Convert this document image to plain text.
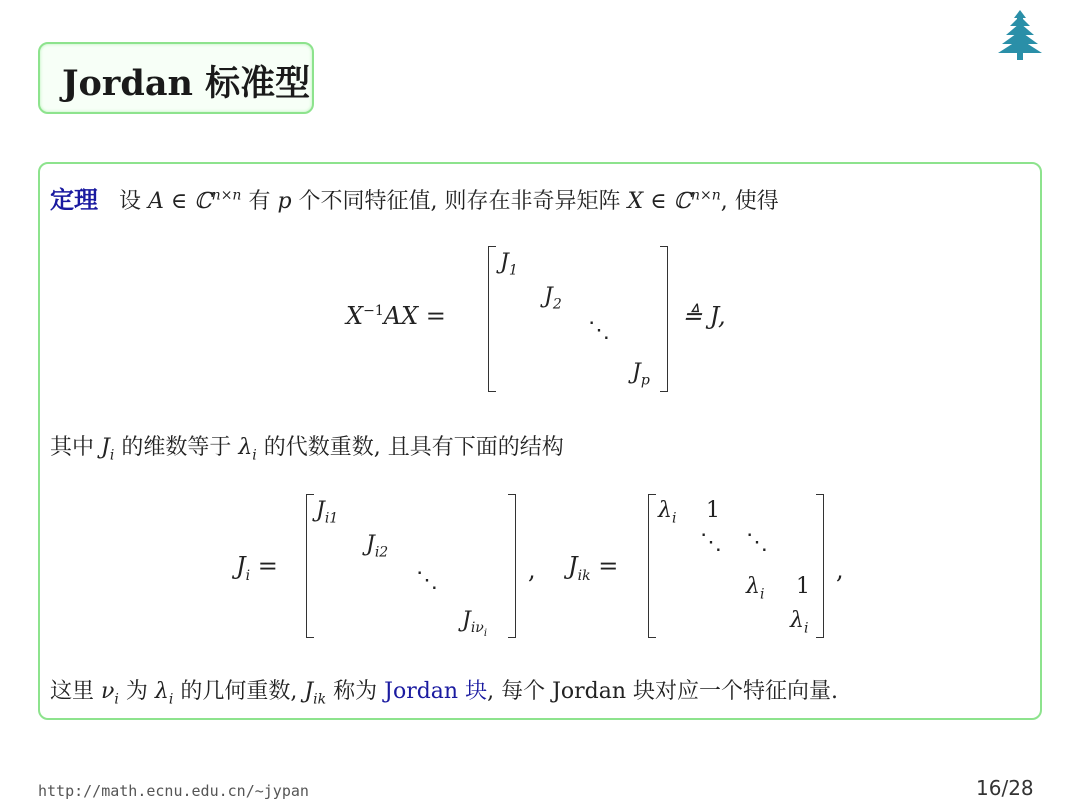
Jordan 标准型
定理 设 A ∈ ℂ$^{n\times n}$ 有 p 个不同特征值, 则存在非奇异矩阵 X ∈ ℂ$^{n\times n}$, 使得
$X^{-1}AX$ =
$J_1$
$J_2$
⋱
$J_p$
≜ J,
其中 $J_i$ 的维数等于 $\lambda_i$ 的代数重数, 且具有下面的结构
$J_i$ =
$J_{i1}$
$J_{i2}$
⋱
$J_{i\nu_i}$
, $J_{ik}$ =
$\lambda_i$ 1
⋱ ⋱
$\lambda_i$ 1
$\lambda_i$
,
这里 $\nu_i$ 为 $\lambda_i$ 的几何重数, $J_{ik}$ 称为 Jordan 块, 每个 Jordan 块对应一个特征向量.
http://math.ecnu.edu.cn/~jypan	16/28
